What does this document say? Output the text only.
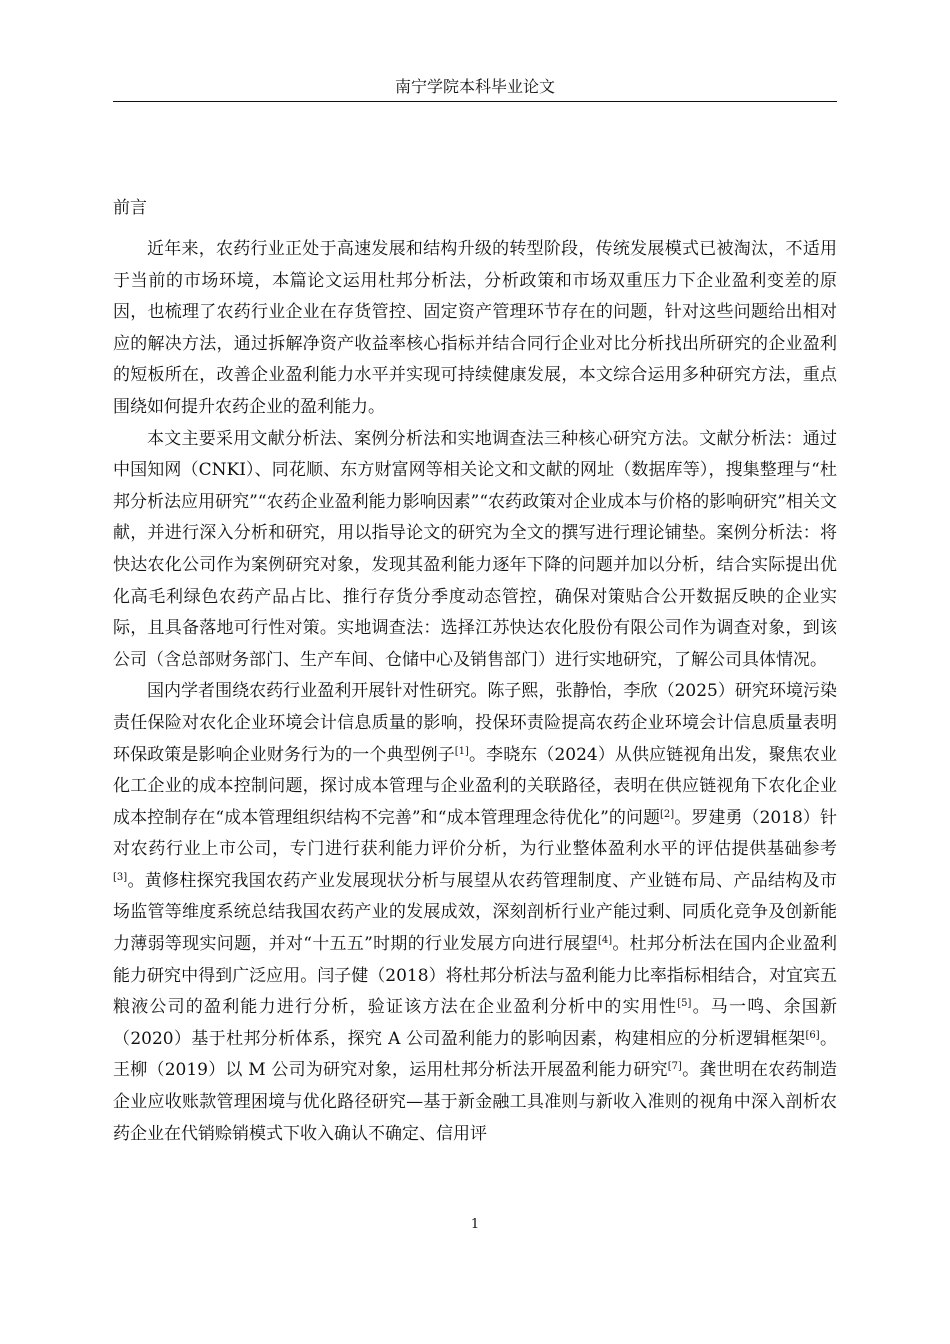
南宁学院本科毕业论文
前言

近年来，农药行业正处于高速发展和结构升级的转型阶段，传统发展模式已被淘汰，不适用于当前的市场环境，本篇论文运用杜邦分析法，分析政策和市场双重压力下企业盈利变差的原因，也梳理了农药行业企业在存货管控、固定资产管理环节存在的问题，针对这些问题给出相对应的解决方法，通过拆解净资产收益率核心指标并结合同行企业对比分析找出所研究的企业盈利的短板所在，改善企业盈利能力水平并实现可持续健康发展，本文综合运用多种研究方法，重点围绕如何提升农药企业的盈利能力。

本文主要采用文献分析法、案例分析法和实地调查法三种核心研究方法。文献分析法：通过中国知网（CNKI）、同花顺、东方财富网等相关论文和文献的网址（数据库等），搜集整理与“杜邦分析法应用研究”“农药企业盈利能力影响因素”“农药政策对企业成本与价格的影响研究”相关文献，并进行深入分析和研究，用以指导论文的研究为全文的撰写进行理论铺垫。案例分析法：将快达农化公司作为案例研究对象，发现其盈利能力逐年下降的问题并加以分析，结合实际提出优化高毛利绿色农药产品占比、推行存货分季度动态管控，确保对策贴合公开数据反映的企业实际，且具备落地可行性对策。实地调查法：选择江苏快达农化股份有限公司作为调查对象，到该公司（含总部财务部门、生产车间、仓储中心及销售部门）进行实地研究，了解公司具体情况。

国内学者围绕农药行业盈利开展针对性研究。陈子熙，张静怡，李欣（2025）研究环境污染责任保险对农化企业环境会计信息质量的影响，投保环责险提高农药企业环境会计信息质量表明环保政策是影响企业财务行为的一个典型例子[1]。李晓东（2024）从供应链视角出发，聚焦农业化工企业的成本控制问题，探讨成本管理与企业盈利的关联路径，表明在供应链视角下农化企业成本控制存在“成本管理组织结构不完善”和“成本管理理念待优化”的问题[2]。罗建勇（2018）针对农药行业上市公司，专门进行获利能力评价分析，为行业整体盈利水平的评估提供基础参考[3]。黄修柱探究我国农药产业发展现状分析与展望从农药管理制度、产业链布局、产品结构及市场监管等维度系统总结我国农药产业的发展成效，深刻剖析行业产能过剩、同质化竞争及创新能力薄弱等现实问题，并对“十五五”时期的行业发展方向进行展望[4]。杜邦分析法在国内企业盈利能力研究中得到广泛应用。闫子健（2018）将杜邦分析法与盈利能力比率指标相结合，对宜宾五粮液公司的盈利能力进行分析，验证该方法在企业盈利分析中的实用性[5]。马一鸣、余国新（2020）基于杜邦分析体系，探究 A 公司盈利能力的影响因素，构建相应的分析逻辑框架[6]。王柳（2019）以 M 公司为研究对象，运用杜邦分析法开展盈利能力研究[7]。龚世明在农药制造企业应收账款管理困境与优化路径研究—基于新金融工具准则与新收入准则的视角中深入剖析农药企业在代销赊销模式下收入确认不确定、信用评

1
